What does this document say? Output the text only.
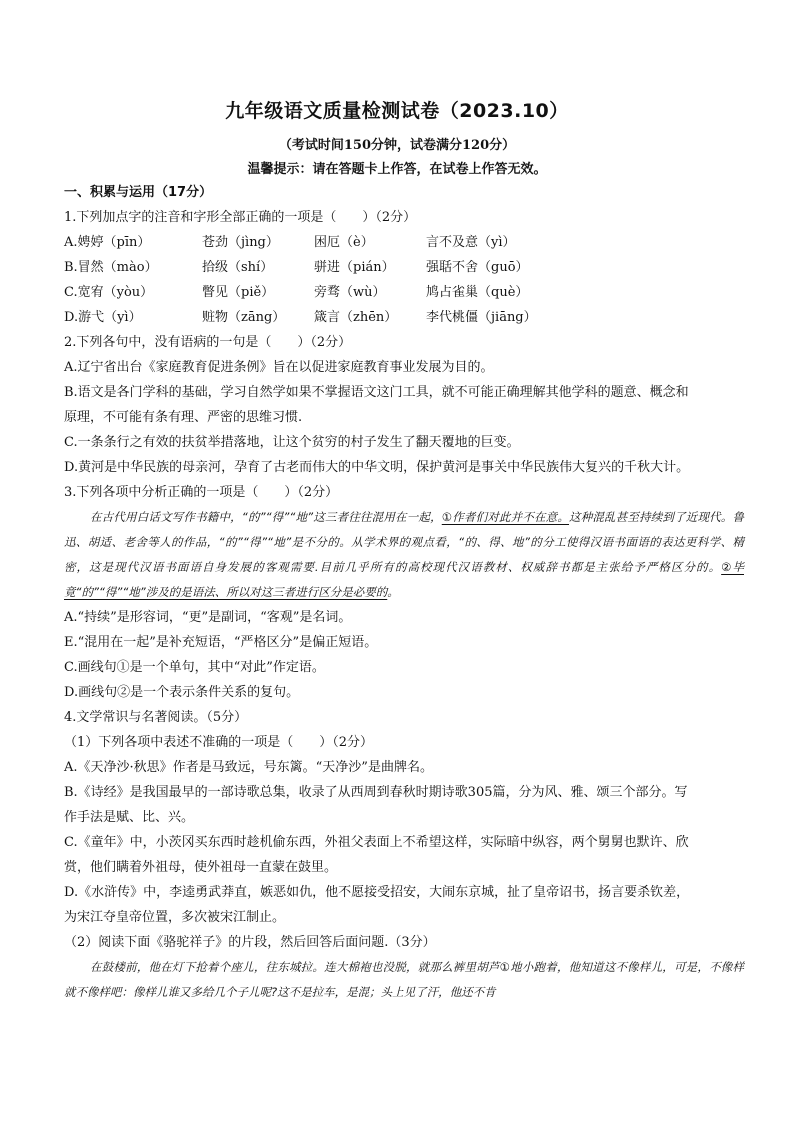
九年级语文质量检测试卷（2023.10）
（考试时间150分钟，试卷满分120分）
温馨提示：请在答题卡上作答，在试卷上作答无效。
一、积累与运用（17分）
1.下列加点字的注音和字形全部正确的一项是（　　）（2分）
A.娉婷（pīn）	苍劲（jìng）	困厄（è）	言不及意（yì）
B.冒然（mào）	拾级（shí）	骈进（pián）	强聒不舍（guō）
C.宽宥（yòu）	瞥见（piě）	旁骛（wù）	鸠占雀巢（què）
D.游弋（yì）	赃物（zāng）	箴言（zhēn）	李代桃僵（jiāng）
2.下列各句中，没有语病的一句是（　　）（2分）
A.辽宁省出台《家庭教育促进条例》旨在以促进家庭教育事业发展为目的。
B.语文是各门学科的基础，学习自然学如果不掌握语文这门工具，就不可能正确理解其他学科的题意、概念和
原理，不可能有条有理、严密的思维习惯.
C.一条条行之有效的扶贫举措落地，让这个贫穷的村子发生了翻天覆地的巨变。
D.黄河是中华民族的母亲河，孕育了古老而伟大的中华文明，保护黄河是事关中华民族伟大复兴的千秋大计。
3.下列各项中分析正确的一项是（　　）（2分）
在古代用白话文写作书籍中，“的”“得”“地”这三者往往混用在一起，①作者们对此并不在意。这种混乱甚至持续到了近现代。鲁迅、胡适、老舍等人的作品，“的”“得”“地”是不分的。从学术界的观点看，“的、得、地”的分工使得汉语书面语的表达更科学、精密，这是现代汉语书面语自身发展的客观需要.目前几乎所有的高校现代汉语教材、权威辞书都是主张给予严格区分的。②毕竟“的”“得”“地”涉及的是语法、所以对这三者进行区分是必要的。
A.“持续”是形容词，“更”是副词，“客观”是名词。
E.“混用在一起”是补充短语，“严格区分”是偏正短语。
C.画线句①是一个单句，其中“对此”作定语。
D.画线句②是一个表示条件关系的复句。
4.文学常识与名著阅读。（5分）
（1）下列各项中表述不准确的一项是（　　）（2分）
A.《天净沙·秋思》作者是马致远，号东篱。“天净沙”是曲牌名。
B.《诗经》是我国最早的一部诗歌总集，收录了从西周到春秋时期诗歌305篇，分为风、雅、颂三个部分。写
作手法是赋、比、兴。
C.《童年》中，小茨冈买东西时趁机偷东西，外祖父表面上不希望这样，实际暗中纵容，两个舅舅也默许、欣
赏，他们瞒着外祖母，使外祖母一直蒙在鼓里。
D.《水浒传》中，李逵勇武莽直，嫉恶如仇，他不愿接受招安，大闹东京城，扯了皇帝诏书，扬言要杀钦差，
为宋江夺皇帝位置，多次被宋江制止。
（2）阅读下面《骆驼祥子》的片段，然后回答后面问题.（3分）
在鼓楼前，他在灯下抢着个座儿，往东城拉。连大棉袍也没脱，就那么裤里胡芦①地小跑着，他知道这不像样儿，可是，不像样就不像样吧：像样儿谁又多给几个子儿呢?这不是拉车，是混；头上见了汗，他还不肯
